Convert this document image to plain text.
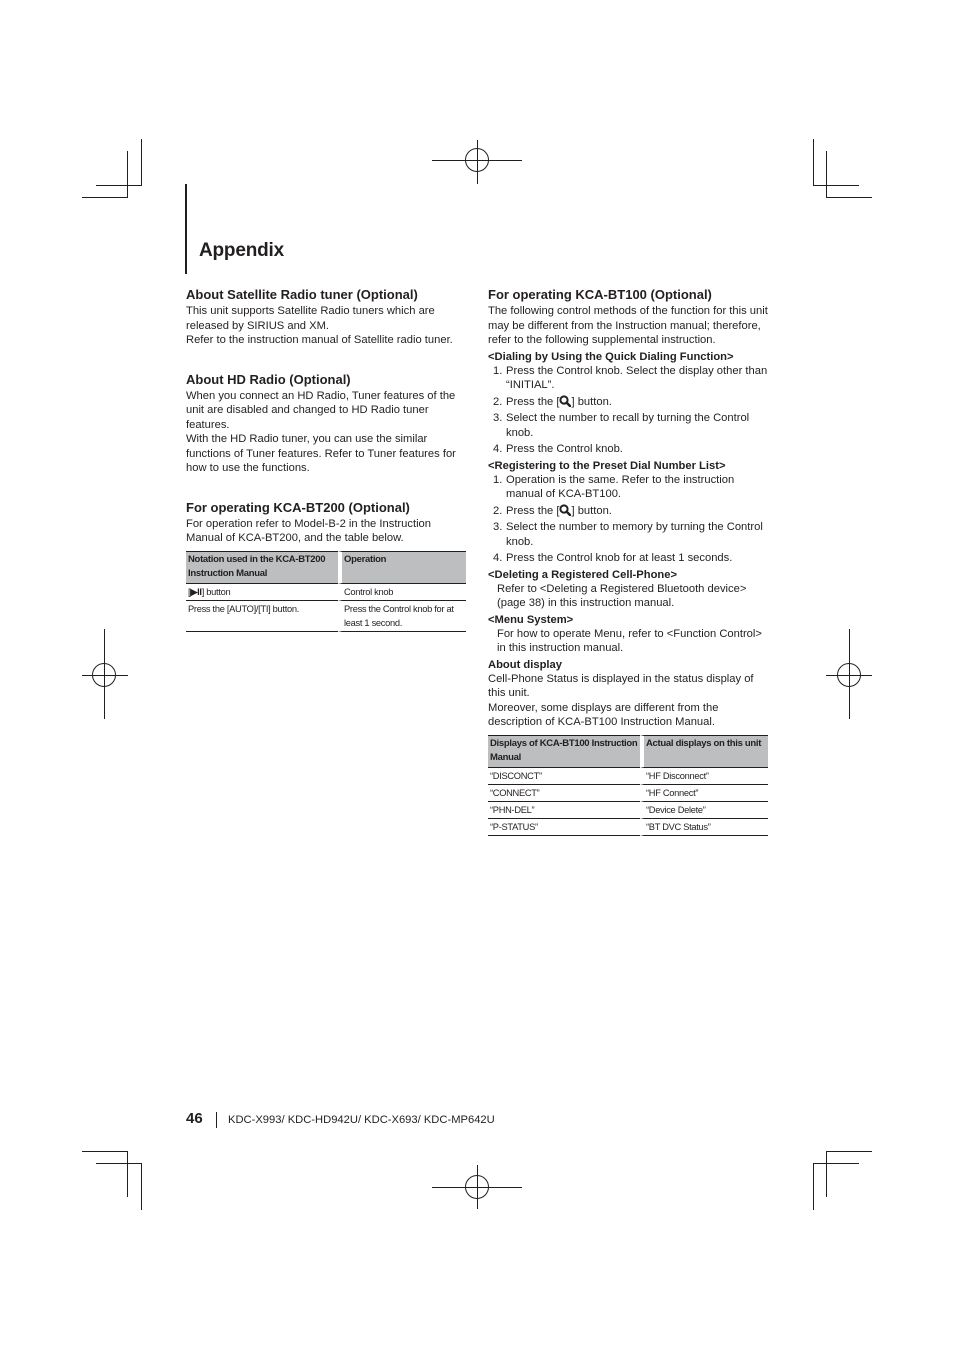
Appendix
About Satellite Radio tuner (Optional)

This unit supports Satellite Radio tuners which are released by SIRIUS and XM.

Refer to the instruction manual of Satellite radio tuner.

About HD Radio (Optional)

When you connect an HD Radio, Tuner features of the unit are disabled and changed to HD Radio tuner features.

With the HD Radio tuner, you can use the similar functions of Tuner features. Refer to Tuner features for how to use the functions.

For operating KCA-BT200 (Optional)

For operation refer to Model-B-2 in the Instruction Manual of KCA-BT200, and the table below.

Notation used in the KCA-BT200 Instruction Manual	Operation
[▶II] button	Control knob
Press the [AUTO]/[TI] button.	Press the Control knob for at least 1 second.
For operating KCA-BT100 (Optional)

The following control methods of the function for this unit may be different from the Instruction manual; therefore, refer to the following supplemental instruction.

<Dialing by Using the Quick Dialing Function>
1. Press the Control knob. Select the display other than “INITIAL”.
2. Press the [ ] button.
3. Select the number to recall by turning the Control knob.
4. Press the Control knob.
<Registering to the Preset Dial Number List>
1. Operation is the same. Refer to the instruction manual of KCA-BT100.
2. Press the [ ] button.
3. Select the number to memory by turning the Control knob.
4. Press the Control knob for at least 1 seconds.
<Deleting a Registered Cell-Phone>

Refer to <Deleting a Registered Bluetooth device> (page 38) in this instruction manual.

<Menu System>

For how to operate Menu, refer to <Function Control> in this instruction manual.

About display

Cell-Phone Status is displayed in the status display of this unit.

Moreover, some displays are different from the description of KCA-BT100 Instruction Manual.

Displays of KCA-BT100 Instruction Manual	Actual displays on this unit
“DISCONCT”	“HF Disconnect”
“CONNECT”	“HF Connect”
“PHN-DEL”	“Device Delete”
“P-STATUS”	“BT DVC Status”
46 KDC-X993/ KDC-HD942U/ KDC-X693/ KDC-MP642U
